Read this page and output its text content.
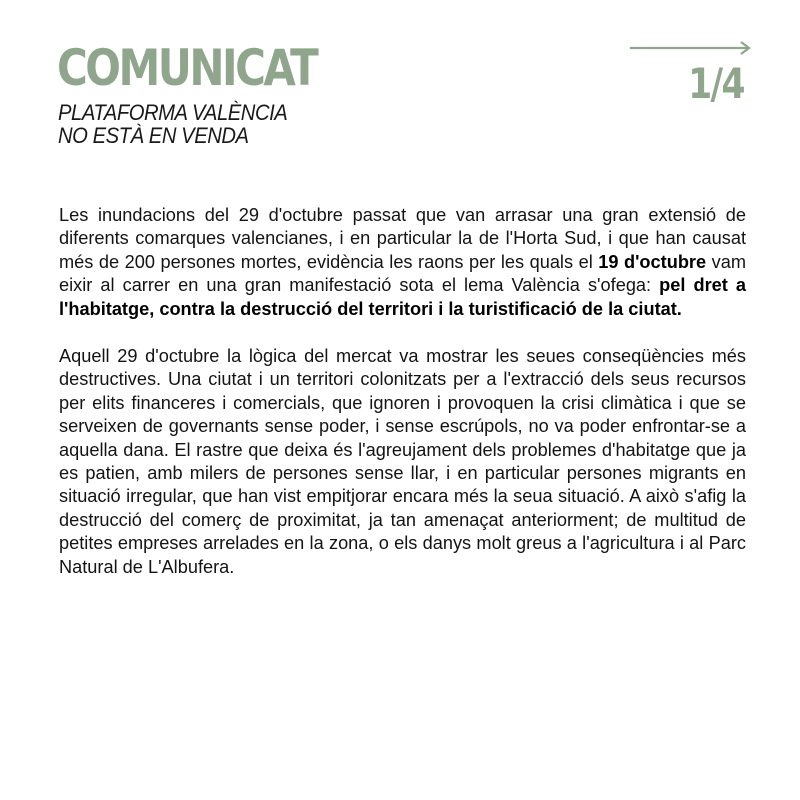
COMUNICAT
PLATAFORMA VALÈNCIA
NO ESTÀ EN VENDA
1/4

Les inundacions del 29 d'octubre passat que van arrasar una gran extensió de diferents comarques valencianes, i en particular la de l'Horta Sud, i que han causat més de 200 persones mortes, evidència les raons per les quals el 19 d'octubre vam eixir al carrer en una gran manifestació sota el lema València s'ofega: pel dret a l'habitatge, contra la destrucció del territori i la turistificació de la ciutat.

Aquell 29 d'octubre la lògica del mercat va mostrar les seues conseqüències més destructives. Una ciutat i un territori colonitzats per a l'extracció dels seus recursos per elits financeres i comercials, que ignoren i provoquen la crisi climàtica i que se serveixen de governants sense poder, i sense escrúpols, no va poder enfrontar-se a aquella dana. El rastre que deixa és l'agreujament dels problemes d'habitatge que ja es patien, amb milers de persones sense llar, i en particular persones migrants en situació irregular, que han vist empitjorar encara més la seua situació. A això s'afig la destrucció del comerç de proximitat, ja tan amenaçat anteriorment; de multitud de petites empreses arrelades en la zona, o els danys molt greus a l'agricultura i al Parc Natural de L'Albufera.
